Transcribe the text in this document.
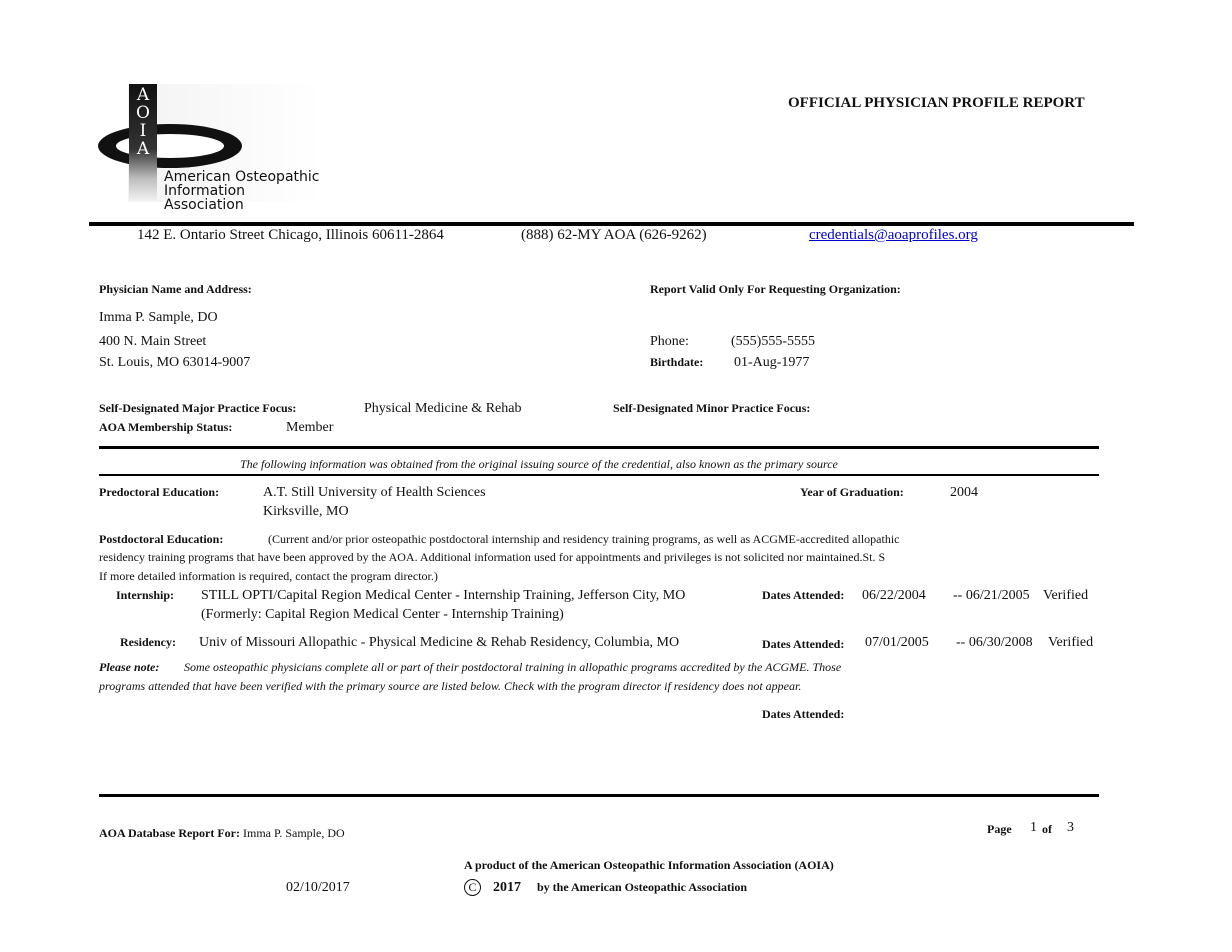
A
O
I
A
American Osteopathic
Information Association
OFFICIAL PHYSICIAN PROFILE REPORT
142 E. Ontario Street Chicago, Illinois 60611-2864	(888) 62-MY AOA (626-9262)	credentials@aoaprofiles.org
Physician Name and Address:
Imma P. Sample, DO
400 N. Main Street
St. Louis, MO 63014-9007
Report Valid Only For Requesting Organization:
Phone:	(555)555-5555
Birthdate: 01-Aug-1977
Self-Designated Major Practice Focus:	Physical Medicine & Rehab	Self-Designated Minor Practice Focus:
AOA Membership Status:	Member
The following information was obtained from the original issuing source of the credential, also known as the primary source
Predoctoral Education:	A.T. Still University of Health Sciences
Kirksville, MO
Year of Graduation:	2004
Postdoctoral Education:	(Current and/or prior osteopathic postdoctoral internship and residency training programs, as well as ACGME-accredited allopathic
residency training programs that have been approved by the AOA. Additional information used for appointments and privileges is not solicited nor maintained.St. S
If more detailed information is required, contact the program director.)
Internship: STILL OPTI/Capital Region Medical Center - Internship Training, Jefferson City, MO
(Formerly: Capital Region Medical Center - Internship Training)
Dates Attended: 06/22/2004 -- 06/21/2005 Verified
Residency: Univ of Missouri Allopathic - Physical Medicine & Rehab Residency, Columbia, MO	Dates Attended: 07/01/2005 -- 06/30/2008 Verified
Please note: Some osteopathic physicians complete all or part of their postdoctoral training in allopathic programs accredited by the ACGME. Those
programs attended that have been verified with the primary source are listed below. Check with the program director if residency does not appear.
Dates Attended:
AOA Database Report For: Imma P. Sample, DO	Page 1 of 3
A product of the American Osteopathic Information Association (AOIA)
02/10/2017	C 2017 by the American Osteopathic Association
